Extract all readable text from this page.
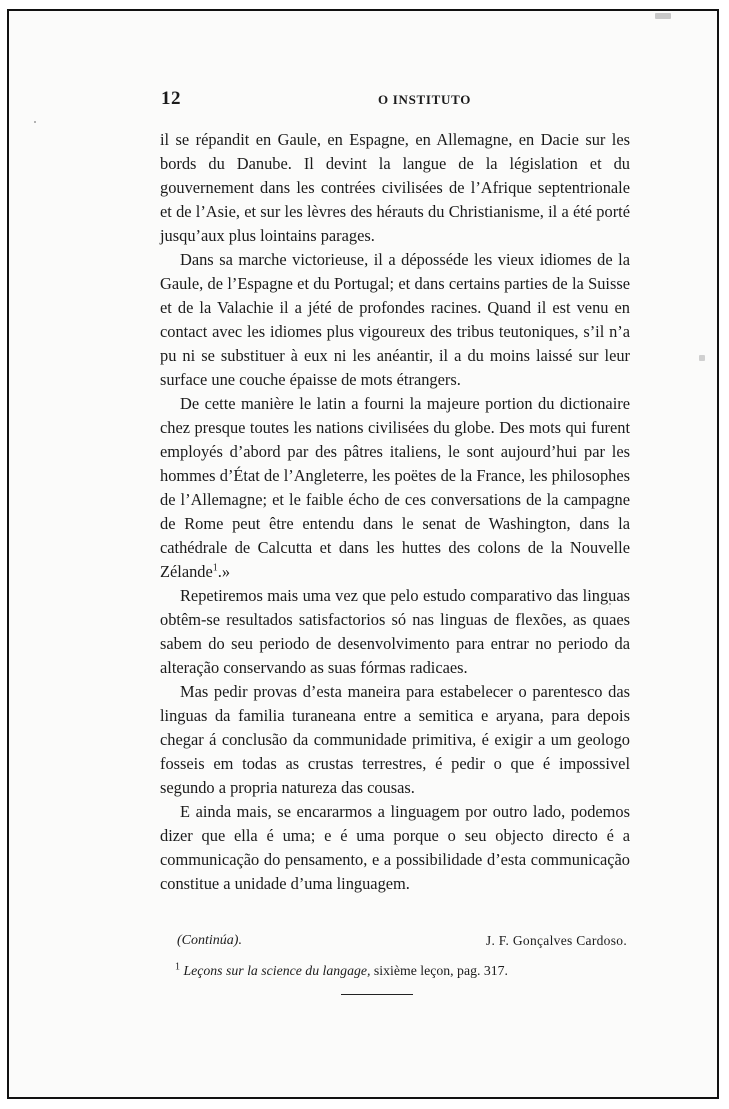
12	O INSTITUTO

il se répandit en Gaule, en Espagne, en Allemagne, en Dacie sur les bords du Danube. Il devint la langue de la législation et du gouvernement dans les contrées civilisées de l’Afrique septentrionale et de l’Asie, et sur les lèvres des hérauts du Christianisme, il a été porté jusqu’aux plus lointains parages.

Dans sa marche victorieuse, il a déposséde les vieux idiomes de la Gaule, de l’Espagne et du Portugal; et dans certains parties de la Suisse et de la Valachie il a jété de profondes racines. Quand il est venu en contact avec les idiomes plus vigoureux des tribus teutoniques, s’il n’a pu ni se substituer à eux ni les anéantir, il a du moins laissé sur leur surface une couche épaisse de mots étrangers.

De cette manière le latin a fourni la majeure portion du dictionaire chez presque toutes les nations civilisées du globe. Des mots qui furent employés d’abord par des pâtres italiens, le sont aujourd’hui par les hommes d’État de l’Angleterre, les poëtes de la France, les philosophes de l’Allemagne; et le faible écho de ces conversations de la campagne de Rome peut être entendu dans le senat de Washington, dans la cathédrale de Calcutta et dans les huttes des colons de la Nouvelle Zélande$^1$.»

Repetiremos mais uma vez que pelo estudo comparativo das linguas obtêm-se resultados satisfactorios só nas linguas de flexões, as quaes sabem do seu periodo de desenvolvimento para entrar no periodo da alteração conservando as suas fórmas radicaes.

Mas pedir provas d’esta maneira para estabelecer o parentesco das linguas da familia turaneana entre a semitica e aryana, para depois chegar á conclusão da communidade primitiva, é exigir a um geologo fosseis em todas as crustas terrestres, é pedir o que é impossivel segundo a propria natureza das cousas.

E ainda mais, se encararmos a linguagem por outro lado, podemos dizer que ella é uma; e é uma porque o seu objecto directo é a communicação do pensamento, e a possibilidade d’esta communicação constitue a unidade d’uma linguagem.

(Continúa).	J. F. Gonçalves Cardoso.
$^1$ Leçons sur la science du langage, sixième leçon, pag. 317.
